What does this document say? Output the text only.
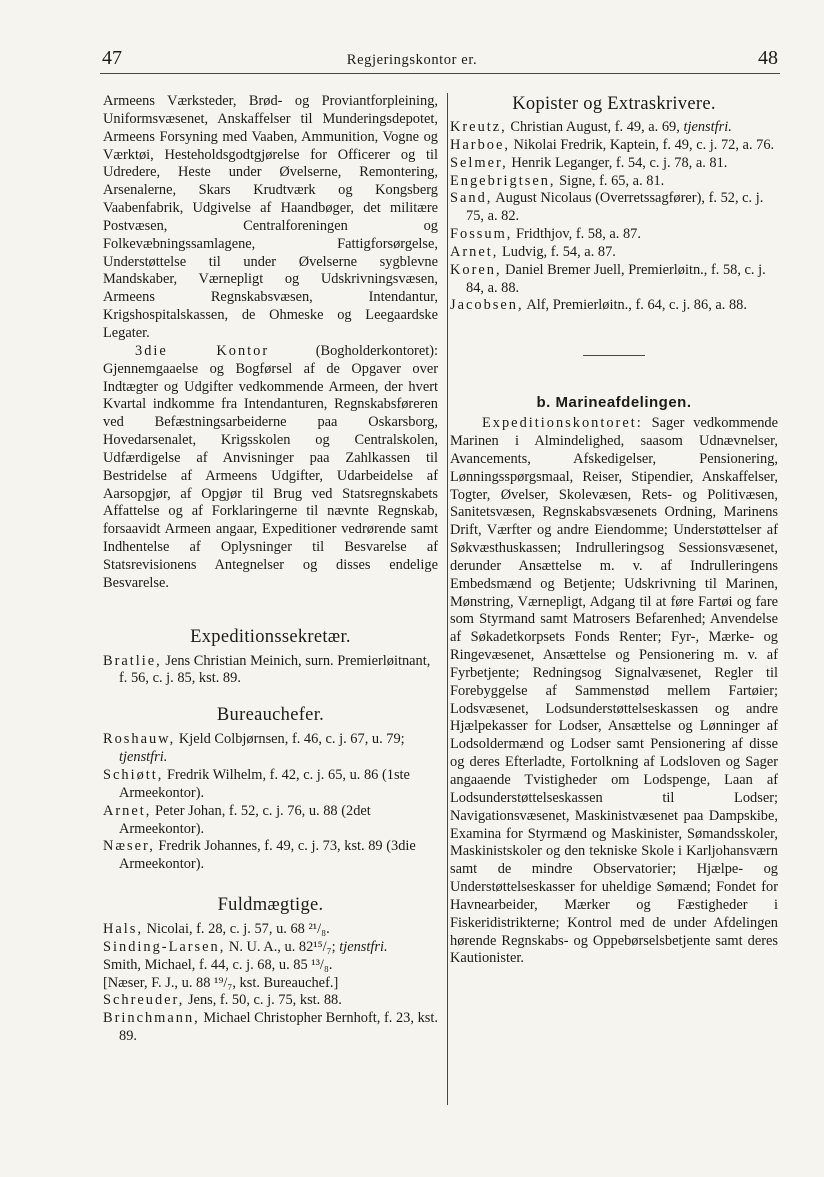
47	Regjeringskontor er.	48

Armeens Værksteder, Brød- og Proviantforpleining, Uniformsvæsenet, Anskaffelser til Munderingsdepotet, Armeens Forsyning med Vaaben, Ammunition, Vogne og Værktøi, Hesteholdsgodtgjørelse for Officerer og til Udredere, Heste under Øvelserne, Remontering, Arsenalerne, Skars Krudtværk og Kongsberg Vaabenfabrik, Udgivelse af Haandbøger, det militære Postvæsen, Centralforeningen og Folkevæbningssamlagene, Fattigforsørgelse, Understøttelse til under Øvelserne sygblevne Mandskaber, Værnepligt og Udskrivningsvæsen, Armeens Regnskabsvæsen, Intendantur, Krigshospitalskassen, de Ohmeske og Leegaardske Legater.

3die Kontor (Bogholderkontoret): Gjennemgaaelse og Bogførsel af de Opgaver over Indtægter og Udgifter vedkommende Armeen, der hvert Kvartal indkomme fra Intendanturen, Regnskabsføreren ved Befæstningsarbeiderne paa Oskarsborg, Hovedarsenalet, Krigsskolen og Centralskolen, Udfærdigelse af Anvisninger paa Zahlkassen til Bestridelse af Armeens Udgifter, Udarbeidelse af Aarsopgjør, af Opgjør til Brug ved Statsregnskabets Affattelse og af Forklaringerne til nævnte Regnskab, forsaavidt Armeen angaar, Expeditioner vedrørende samt Indhentelse af Oplysninger til Besvarelse af Statsrevisionens Antegnelser og disses endelige Besvarelse.

Expeditionssekretær.

Bratlie, Jens Christian Meinich, surn. Premierløitnant, f. 56, c. j. 85, kst. 89.

Bureauchefer.

Roshauw, Kjeld Colbjørnsen, f. 46, c. j. 67, u. 79; tjenstfri.

Schiøtt, Fredrik Wilhelm, f. 42, c. j. 65, u. 86 (1ste Armeekontor).

Arnet, Peter Johan, f. 52, c. j. 76, u. 88 (2det Armeekontor).

Næser, Fredrik Johannes, f. 49, c. j. 73, kst. 89 (3die Armeekontor).

Fuldmægtige.

Hals, Nicolai, f. 28, c. j. 57, u. 68 ²¹/₈.

Sinding-Larsen, N. U. A., u. 82¹⁵/₇; tjenstfri.

Smith, Michael, f. 44, c. j. 68, u. 85 ¹³/₈.

[Næser, F. J., u. 88 ¹⁹/₇, kst. Bureauchef.]

Schreuder, Jens, f. 50, c. j. 75, kst. 88.

Brinchmann, Michael Christopher Bernhoft, f. 23, kst. 89.

Kopister og Extraskrivere.

Kreutz, Christian August, f. 49, a. 69, tjenstfri.

Harboe, Nikolai Fredrik, Kaptein, f. 49, c. j. 72, a. 76.

Selmer, Henrik Leganger, f. 54, c. j. 78, a. 81.

Engebrigtsen, Signe, f. 65, a. 81.

Sand, August Nicolaus (Overretssagfører), f. 52, c. j. 75, a. 82.

Fossum, Fridthjov, f. 58, a. 87.

Arnet, Ludvig, f. 54, a. 87.

Koren, Daniel Bremer Juell, Premierløitn., f. 58, c. j. 84, a. 88.

Jacobsen, Alf, Premierløitn., f. 64, c. j. 86, a. 88.

b. Marineafdelingen.

Expeditionskontoret: Sager vedkommende Marinen i Almindelighed, saasom Udnævnelser, Avancements, Afskedigelser, Pensionering, Lønningsspørgsmaal, Reiser, Stipendier, Anskaffelser, Togter, Øvelser, Skolevæsen, Rets- og Politivæsen, Sanitetsvæsen, Regnskabsvæsenets Ordning, Marinens Drift, Værfter og andre Eiendomme; Understøttelser af Søkvæsthuskassen; Indrulleringsog Sessionsvæsenet, derunder Ansættelse m. v. af Indrulleringens Embedsmænd og Betjente; Udskrivning til Marinen, Mønstring, Værnepligt, Adgang til at føre Fartøi og fare som Styrmand samt Matrosers Befarenhed; Anvendelse af Søkadetkorpsets Fonds Renter; Fyr-, Mærke- og Ringevæsenet, Ansættelse og Pensionering m. v. af Fyrbetjente; Redningsog Signalvæsenet, Regler til Forebyggelse af Sammenstød mellem Fartøier; Lodsvæsenet, Lodsunderstøttelseskassen og andre Hjælpekasser for Lodser, Ansættelse og Lønninger af Lodsoldermænd og Lodser samt Pensionering af disse og deres Efterladte, Fortolkning af Lodsloven og Sager angaaende Tvistigheder om Lodspenge, Laan af Lodsunderstøttelseskassen til Lodser; Navigationsvæsenet, Maskinistvæsenet paa Dampskibe, Examina for Styrmænd og Maskinister, Sømandsskoler, Maskinistskoler og den tekniske Skole i Karljohansværn samt de mindre Observatorier; Hjælpe- og Understøttelseskasser for uheldige Sømænd; Fondet for Havnearbeider, Mærker og Fæstigheder i Fiskeridistrikterne; Kontrol med de under Afdelingen hørende Regnskabs- og Oppebørselsbetjente samt deres Kautionister.
